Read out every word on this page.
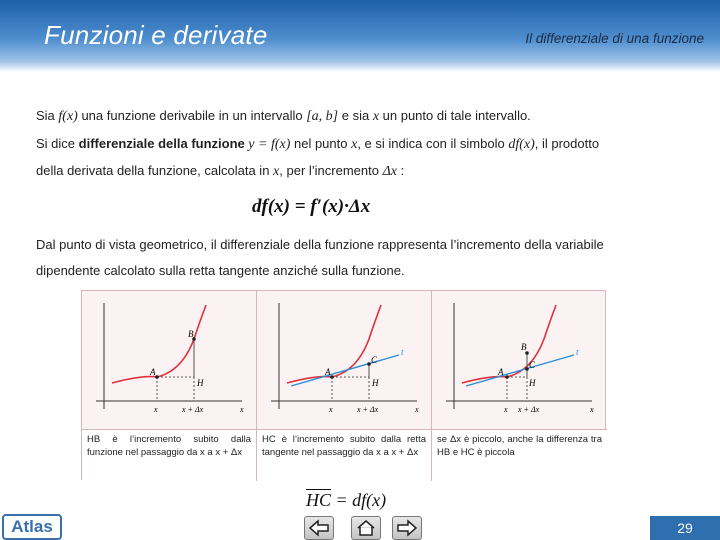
Funzioni e derivate	Il differenziale di una funzione
Sia f(x) una funzione derivabile in un intervallo [a, b] e sia x un punto di tale intervallo.
Si dice differenziale della funzione y = f(x) nel punto x, e si indica con il simbolo df(x), il prodotto
della derivata della funzione, calcolata in x, per l’incremento Δx :
df(x) = f′(x)·Δx
Dal punto di vista geometrico, il differenziale della funzione rappresenta l’incremento della variabile
dipendente calcolato sulla retta tangente anziché sulla funzione.
A
B
H
x	x + Δx	x
A
C
H
t
x	x + Δx	x
A
B
C
H
t
x x + Δx	x
HB è l’incremento subito dalla funzione nel passaggio da x a x + Δx
HC è l’incremento subito dalla retta tangente nel passaggio da x a x + Δx
se Δx è piccolo, anche la differenza tra HB e HC è piccola
$\overline{HC} = df(x)$
Atlas	29
